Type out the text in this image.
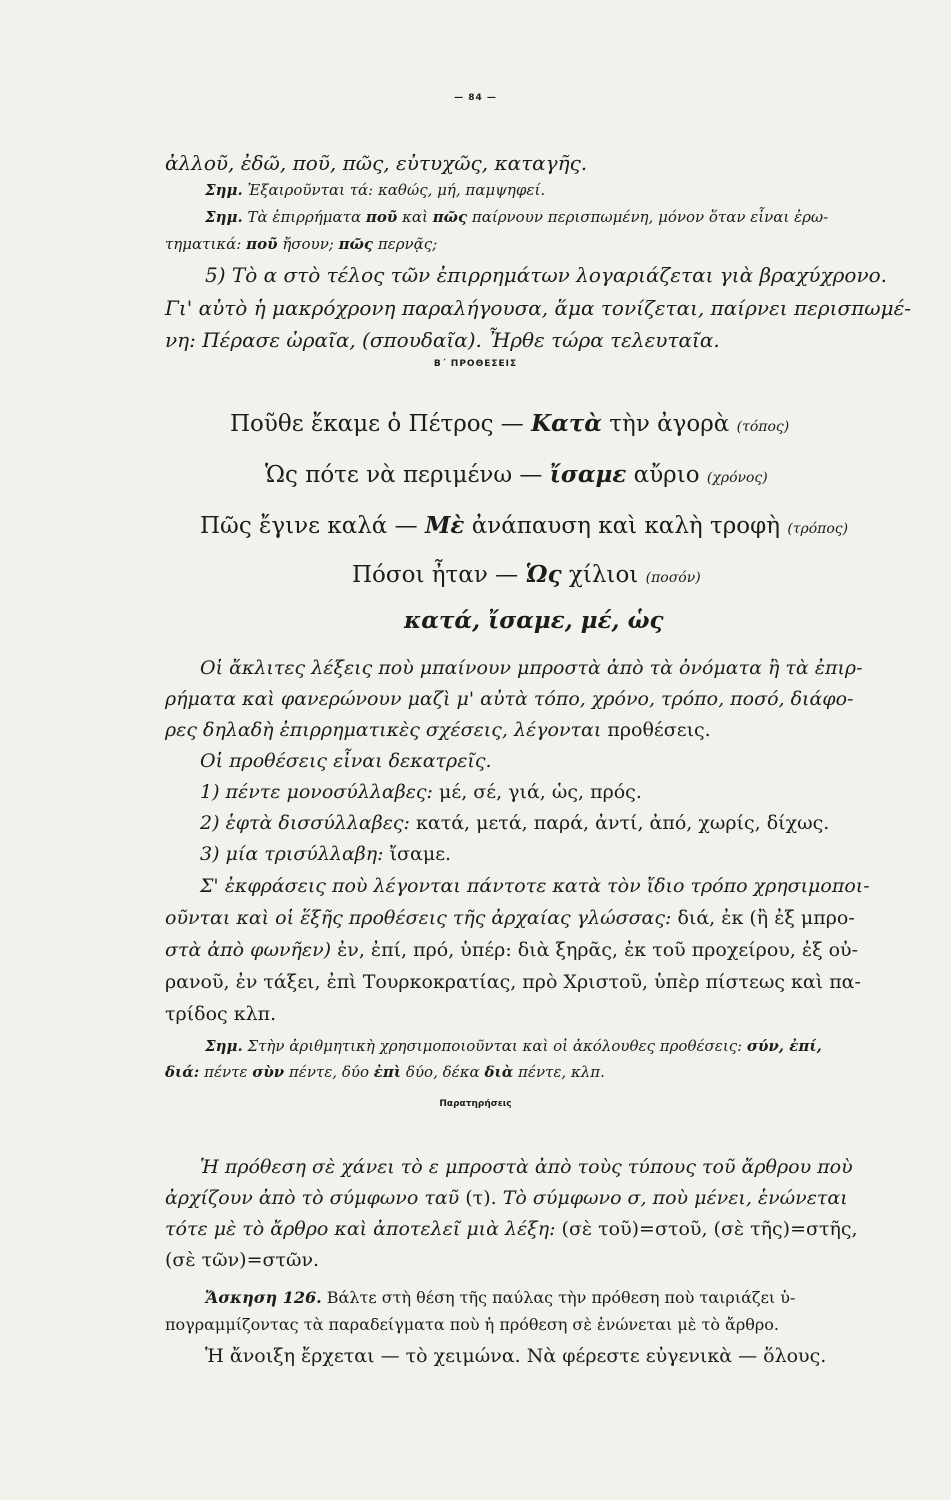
— 84 —
ἀλλοῦ, ἐδῶ, ποῦ, πῶς, εὐτυχῶς, καταγῆς.
Σημ. Ἐξαιροῦνται τά: καθώς, μή, παμψηφεί.
Σημ. Τὰ ἐπιρρήματα ποῦ καὶ πῶς παίρνουν περισπωμένη, μόνον ὅταν εἶναι ἐρω-
τηματικά: ποῦ ἤσουν; πῶς περνᾷς;
5) Τὸ α στὸ τέλος τῶν ἐπιρρημάτων λογαριάζεται γιὰ βραχύχρονο.
Γι' αὐτὸ ἡ μακρόχρονη παραλήγουσα, ἅμα τονίζεται, παίρνει περισπωμέ-
νη: Πέρασε ὡραῖα, (σπουδαῖα). Ἦρθε τώρα τελευταῖα.
Β΄ ΠΡΟΘΕΣΕΙΣ
Ποῦθε ἔκαμε ὁ Πέτρος — Κατὰ τὴν ἀγορὰ (τόπος)
Ὡς πότε νὰ περιμένω — ἴσαμε αὔριο (χρόνος)
Πῶς ἔγινε καλά — Μὲ ἀνάπαυση καὶ καλὴ τροφὴ (τρόπος)
Πόσοι ἦταν — Ὡς χίλιοι (ποσόν)
κατά, ἴσαμε, μέ, ὡς
Οἱ ἄκλιτες λέξεις ποὺ μπαίνουν μπροστὰ ἀπὸ τὰ ὀνόματα ἢ τὰ ἐπιρ-
ρήματα καὶ φανερώνουν μαζὶ μ' αὐτὰ τόπο, χρόνο, τρόπο, ποσό, διάφο-
ρες δηλαδὴ ἐπιρρηματικὲς σχέσεις, λέγονται προθέσεις.
Οἱ προθέσεις εἶναι δεκατρεῖς.
1) πέντε μονοσύλλαβες: μέ, σέ, γιά, ὡς, πρός.
2) ἑφτὰ δισσύλλαβες: κατά, μετά, παρά, ἀντί, ἀπό, χωρίς, δίχως.
3) μία τρισύλλαβη: ἴσαμε.
Σ' ἐκφράσεις ποὺ λέγονται πάντοτε κατὰ τὸν ἴδιο τρόπο χρησιμοποι-
οῦνται καὶ οἱ ἕξῆς προθέσεις τῆς ἀρχαίας γλώσσας: διά, ἐκ (ἢ ἐξ μπρο-
στὰ ἀπὸ φωνῆεν) ἐν, ἐπί, πρό, ὑπέρ: διὰ ξηρᾶς, ἐκ τοῦ προχείρου, ἐξ οὐ-
ρανοῦ, ἐν τάξει, ἐπὶ Τουρκοκρατίας, πρὸ Χριστοῦ, ὑπὲρ πίστεως καὶ πα-
τρίδος κλπ.
Σημ. Στὴν ἀριθμητικὴ χρησιμοποιοῦνται καὶ οἱ ἀκόλουθες προθέσεις: σύν, ἐπί,
διά: πέντε σὺν πέντε, δύο ἐπὶ δύο, δέκα διὰ πέντε, κλπ.
Παρατηρήσεις
Ἡ πρόθεση σὲ χάνει τὸ ε μπροστὰ ἀπὸ τοὺς τύπους τοῦ ἄρθρου ποὺ
ἀρχίζουν ἀπὸ τὸ σύμφωνο ταῦ (τ). Τὸ σύμφωνο σ, ποὺ μένει, ἑνώνεται
τότε μὲ τὸ ἄρθρο καὶ ἀποτελεῖ μιὰ λέξη: (σὲ τοῦ)=στοῦ, (σὲ τῆς)=στῆς,
(σὲ τῶν)=στῶν.
Ἄσκηση 126. Βάλτε στὴ θέση τῆς παύλας τὴν πρόθεση ποὺ ταιριάζει ὑ-
πογραμμίζοντας τὰ παραδείγματα ποὺ ἡ πρόθεση σὲ ἑνώνεται μὲ τὸ ἄρθρο.
Ἡ ἄνοιξη ἔρχεται — τὸ χειμώνα. Νὰ φέρεστε εὐγενικὰ — ὅλους.
